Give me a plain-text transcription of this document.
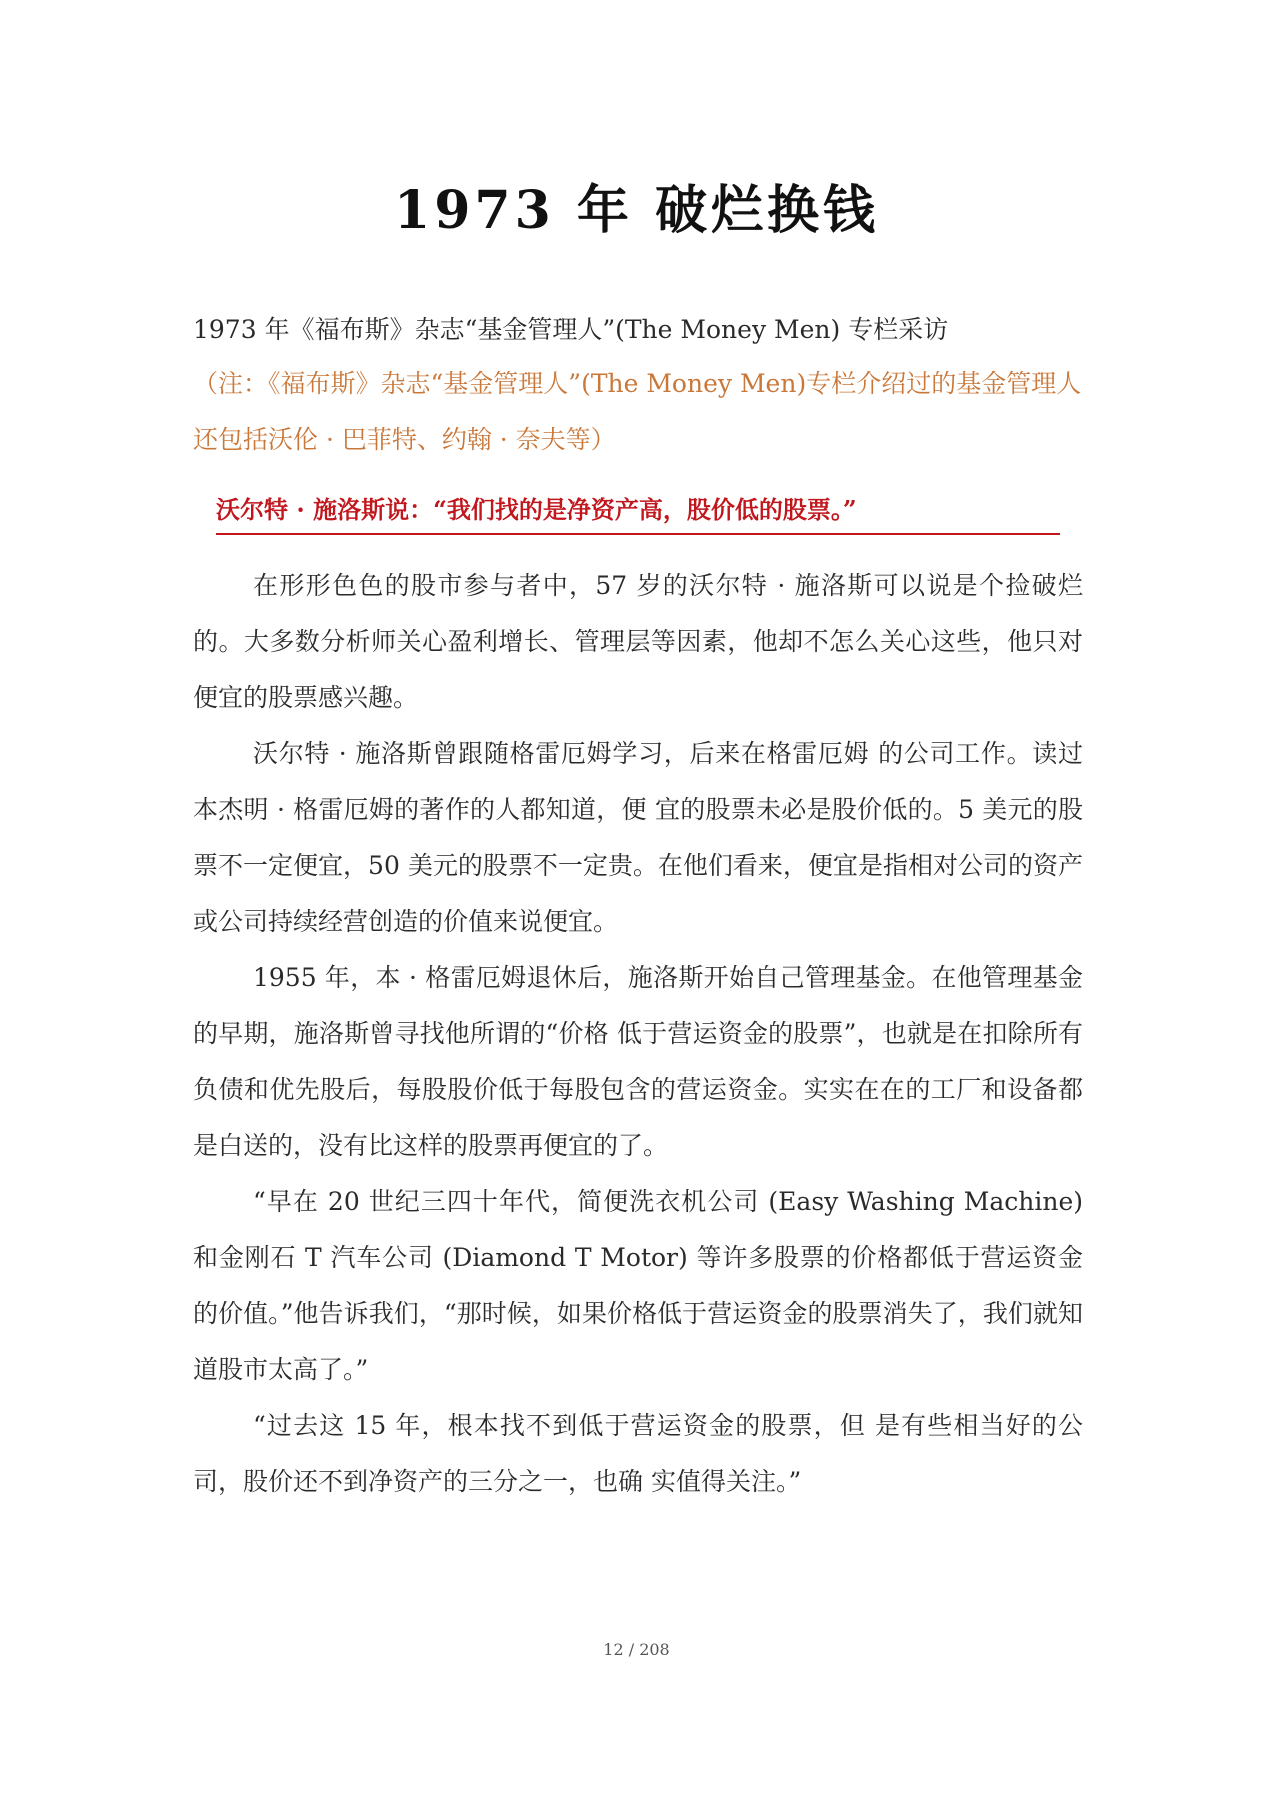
1973 年 破烂换钱
1973 年《福布斯》杂志“基金管理人”(The Money Men) 专栏采访
（注：《福布斯》杂志“基金管理人”(The Money Men)专栏介绍过的基金管理人还包括沃伦 · 巴菲特、约翰 · 奈夫等）
沃尔特 · 施洛斯说：“我们找的是净资产高，股价低的股票。”

在形形色色的股市参与者中，57 岁的沃尔特 · 施洛斯可以说是个捡破烂的。大多数分析师关心盈利增长、管理层等因素，他却不怎么关心这些，他只对便宜的股票感兴趣。

沃尔特 · 施洛斯曾跟随格雷厄姆学习，后来在格雷厄姆 的公司工作。读过本杰明 · 格雷厄姆的著作的人都知道，便 宜的股票未必是股价低的。5 美元的股票不一定便宜，50 美元的股票不一定贵。在他们看来，便宜是指相对公司的资产 或公司持续经营创造的价值来说便宜。

1955 年，本 · 格雷厄姆退休后，施洛斯开始自己管理基金。在他管理基金的早期，施洛斯曾寻找他所谓的“价格 低于营运资金的股票”，也就是在扣除所有负债和优先股后，每股股价低于每股包含的营运资金。实实在在的工厂和设备都是白送的，没有比这样的股票再便宜的了。

“早在 20 世纪三四十年代，简便洗衣机公司 (Easy Washing Machine) 和金刚石 T 汽车公司 (Diamond T Motor) 等许多股票的价格都低于营运资金的价值。”他告诉我们，“那时候，如果价格低于营运资金的股票消失了，我们就知道股市太高了。”

“过去这 15 年，根本找不到低于营运资金的股票，但 是有些相当好的公司，股价还不到净资产的三分之一，也确 实值得关注。”

12 / 208
